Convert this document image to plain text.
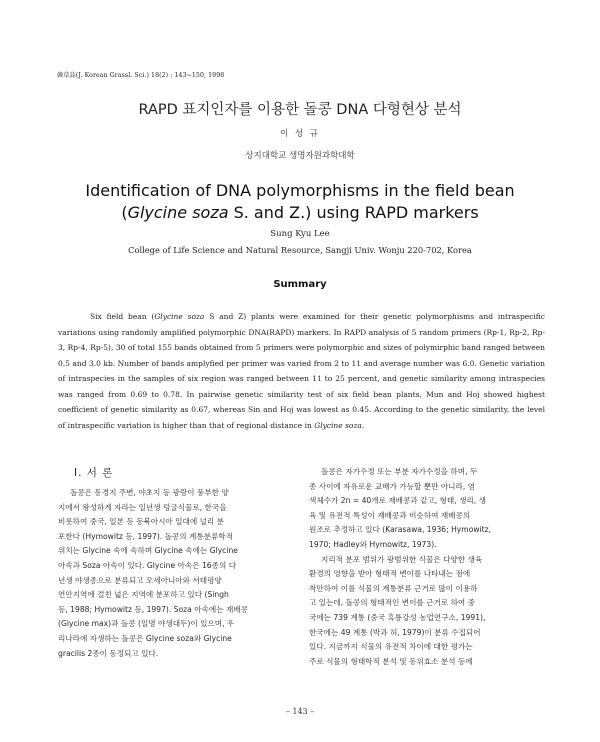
韓草誌(J. Korean Grassl. Sci.) 18(2) : 143~150, 1998
RAPD 표지인자를 이용한 돌콩 DNA 다형현상 분석
이 성 규
상지대학교 생명자원과학대학
Identification of DNA polymorphisms in the field bean
(Glycine soza S. and Z.) using RAPD markers
Sung Kyu Lee
College of Life Science and Natural Resource, Sangji Univ. Wonju 220-702, Korea
Summary
Six field bean (Glycine soza S and Z) plants were examined for their genetic polymorphisms and intraspecific variations using randomly amplified polymorphic DNA(RAPD) markers. In RAPD analysis of 5 random primers (Rp-1, Rp-2, Rp-3, Rp-4, Rp-5), 30 of total 155 bands obtained from 5 primers were polymorphic and sizes of polymirphic band ranged between 0.5 and 3.0 kb. Number of bands amplyfied per primer was varied from 2 to 11 and average number was 6.0. Genetic variation of intraspecies in the samples of six region was ranged between 11 to 25 percent, and genetic similarity among intraspecies was ranged from 0.69 to 0.78. In pairwise genetic similarity test of six field bean plants, Mun and Hoj showed highest coefficient of genetic similarity as 0.67, whereas Sin and Hoj was lowest as 0.45. According to the genetic similarity, the level of intraspecific variation is higher than that of regional distance in Glycine soza.
I. 서 론
돌콩은 동경지 주변, 야초지 등 광랑이 풍부한 양
지에서 왕성하게 자라는 일년생 덩굴식물로, 한국을
비롯하여 중국, 일본 등 동북아시아 일대에 널리 분
포한다 (Hymowitz 등, 1997). 돌콩의 계통분류학적
위치는 Glycine 속에 속하며 Glycine 속에는 Glycine
아속과 Soza 아속이 있다. Glycine 아속은 16종의 다
년생 야생종으로 분류되고 오세아니아와 서태평양
연안지역에 걸친 넓은 지역에 분포하고 있다 (Singh
등, 1988; Hymowitz 등, 1997). Soza 아속에는 재배콩
(Glycine max)과 돌콩 (일명 야생대두)이 있으며, 우
리나라에 자생하는 돌콩은 Glycine soza와 Glycine
gracilis 2종이 동정되고 있다.
돌콩은 자가수정 또는 부분 자가수정을 하며, 두
종 사이에 자유로운 교배가 가능할 뿐만 아니라, 염
색체수가 2n = 40개로 재배콩과 같고, 형태, 생리, 생
육 및 유전적 특성이 재배콩과 비슷하여 재배콩의
원조로 추정하고 있다 (Karasawa, 1936; Hymowitz,
1970; Hadley와 Hymowitz, 1973).
지리적 분포 범위가 광범위한 식물은 다양한 생육
환경의 영향을 받아 형태적 변이를 나타내는 점에
착안하여 이를 식물의 계통분류 근거로 많이 이용하
고 있는데, 돌콩의 형태적인 변이를 근거로 하여 중
국에는 739 계통 (중국 흑룡강성 농업연구소, 1991),
한국에는 49 계통 (박과 허, 1979)이 분류 수집되어
있다. 지금까지 식물의 유전적 차이에 대한 평가는
주로 식물의 형태학적 분석 및 동위효소 분석 등에
– 143 –
